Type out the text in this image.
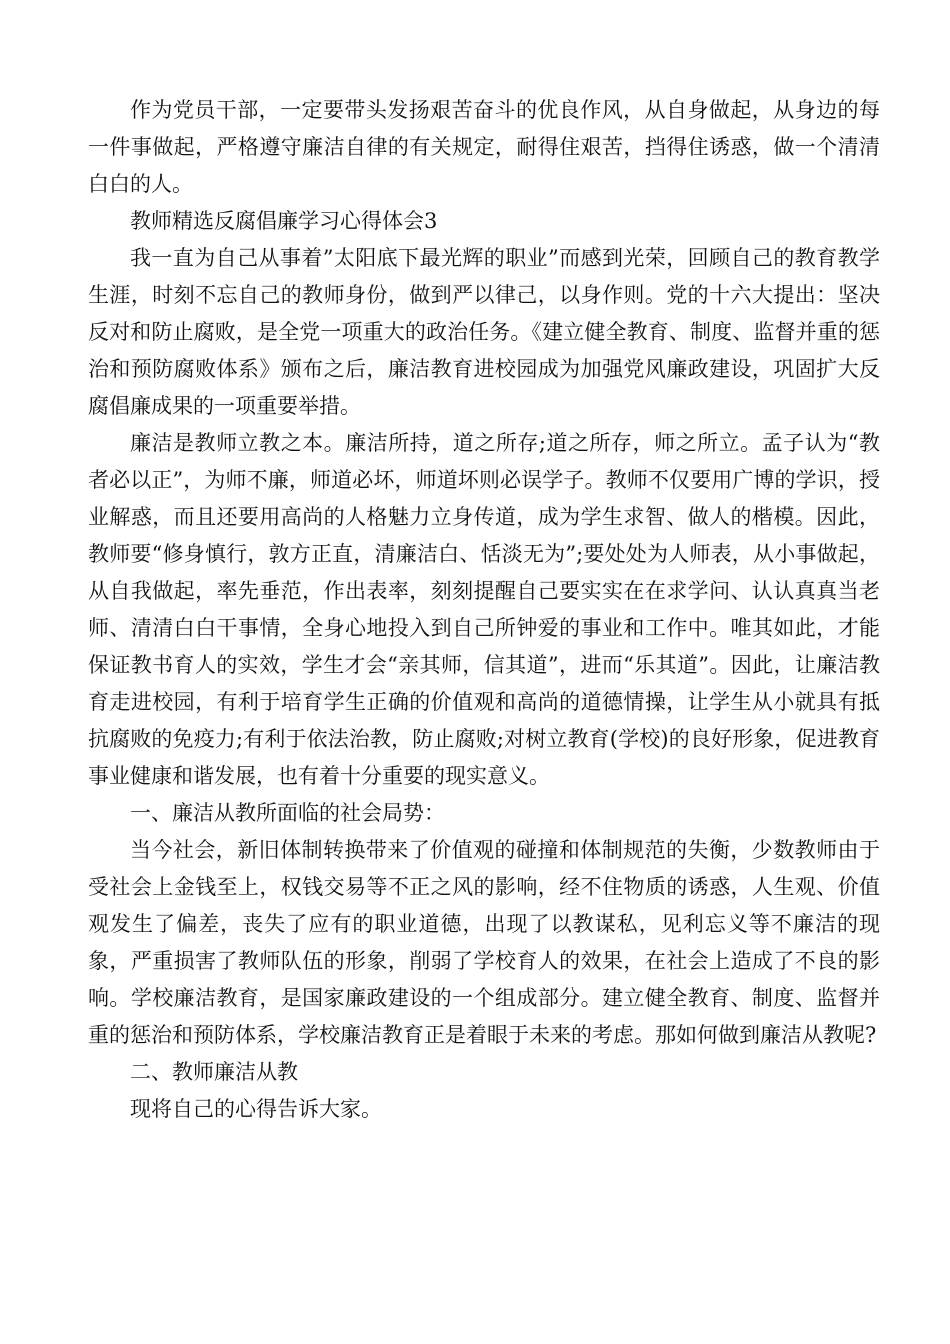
作为党员干部，一定要带头发扬艰苦奋斗的优良作风，从自身做起，从身边的每一件事做起，严格遵守廉洁自律的有关规定，耐得住艰苦，挡得住诱惑，做一个清清白白的人。

教师精选反腐倡廉学习心得体会3

我一直为自己从事着”太阳底下最光辉的职业”而感到光荣，回顾自己的教育教学生涯，时刻不忘自己的教师身份，做到严以律己，以身作则。党的十六大提出：坚决反对和防止腐败，是全党一项重大的政治任务。《建立健全教育、制度、监督并重的惩治和预防腐败体系》颁布之后，廉洁教育进校园成为加强党风廉政建设，巩固扩大反腐倡廉成果的一项重要举措。

廉洁是教师立教之本。廉洁所持，道之所存;道之所存，师之所立。孟子认为“教者必以正”，为师不廉，师道必坏，师道坏则必误学子。教师不仅要用广博的学识，授业解惑，而且还要用高尚的人格魅力立身传道，成为学生求智、做人的楷模。因此，教师要“修身慎行，敦方正直，清廉洁白、恬淡无为”;要处处为人师表，从小事做起，从自我做起，率先垂范，作出表率，刻刻提醒自己要实实在在求学问、认认真真当老师、清清白白干事情，全身心地投入到自己所钟爱的事业和工作中。唯其如此，才能保证教书育人的实效，学生才会“亲其师，信其道”，进而“乐其道”。因此，让廉洁教育走进校园，有利于培育学生正确的价值观和高尚的道德情操，让学生从小就具有抵抗腐败的免疫力;有利于依法治教，防止腐败;对树立教育(学校)的良好形象，促进教育事业健康和谐发展，也有着十分重要的现实意义。

一、廉洁从教所面临的社会局势：

当今社会，新旧体制转换带来了价值观的碰撞和体制规范的失衡，少数教师由于受社会上金钱至上，权钱交易等不正之风的影响，经不住物质的诱惑，人生观、价值观发生了偏差，丧失了应有的职业道德，出现了以教谋私，见利忘义等不廉洁的现象，严重损害了教师队伍的形象，削弱了学校育人的效果，在社会上造成了不良的影响。学校廉洁教育，是国家廉政建设的一个组成部分。建立健全教育、制度、监督并重的惩治和预防体系，学校廉洁教育正是着眼于未来的考虑。那如何做到廉洁从教呢?

二、教师廉洁从教

现将自己的心得告诉大家。
